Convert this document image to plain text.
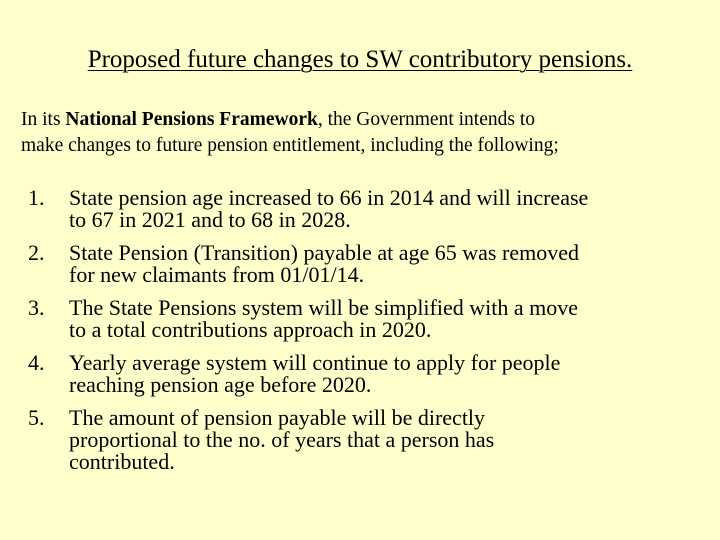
Proposed future changes to SW contributory pensions.
In its National Pensions Framework, the Government intends to
make changes to future pension entitlement, including the following;
1.	State pension age increased to 66 in 2014 and will increase
to 67 in 2021 and to 68 in 2028.
2.	State Pension (Transition) payable at age 65 was removed
for new claimants from 01/01/14.
3.	The State Pensions system will be simplified with a move
to a total contributions approach in 2020.
4.	Yearly average system will continue to apply for people
reaching pension age before 2020.
5.	The amount of pension payable will be directly
proportional to the no. of years that a person has
contributed.
